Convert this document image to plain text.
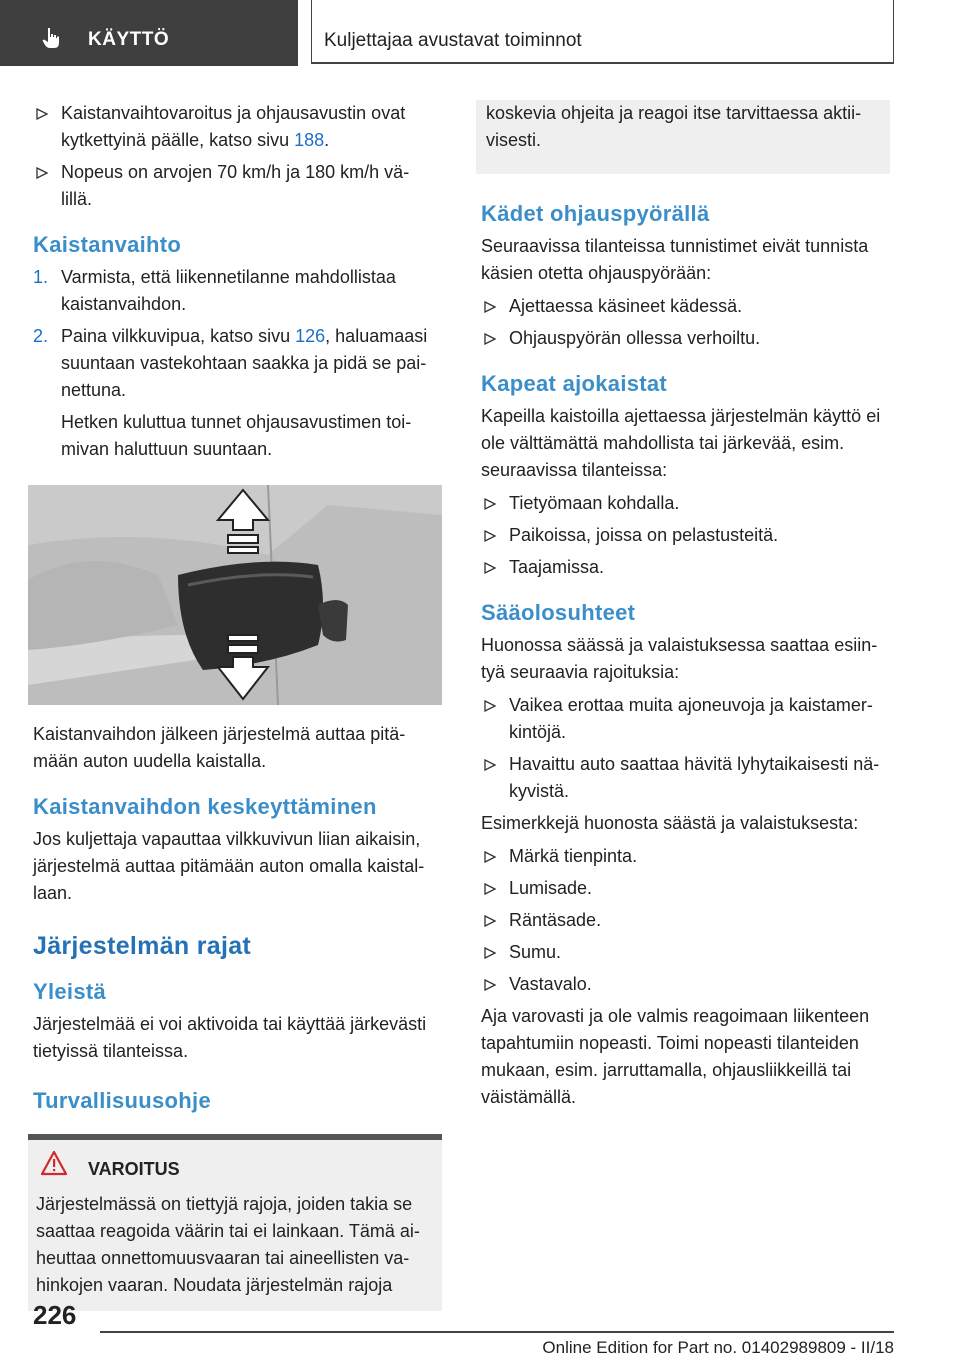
KÄYTTÖ	Kuljettajaa avustavat toiminnot
Kaistanvaihtovaroitus ja ohjausavustin ovat kytkettyinä päälle, katso sivu 188.
Nopeus on arvojen 70 km/h ja 180 km/h vä‐ lillä.
Kaistanvaihto
1. Varmista, että liikennetilanne mahdollistaa kaistanvaihdon.
2. Paina vilkkuvipua, katso sivu 126, haluamaasi suuntaan vastekohtaan saakka ja pidä se pai‐ nettuna.

Hetken kuluttua tunnet ohjausavustimen toi‐ mivan haluttuun suuntaan.

Kaistanvaihdon jälkeen järjestelmä auttaa pitä‐ mään auton uudella kaistalla.

Kaistanvaihdon keskeyttäminen

Jos kuljettaja vapauttaa vilkkuvivun liian aikaisin, järjestelmä auttaa pitämään auton omalla kaistal‐ laan.

Järjestelmän rajat
Yleistä

Järjestelmää ei voi aktivoida tai käyttää järkevästi tietyissä tilanteissa.

Turvallisuusohje
VAROITUS

Järjestelmässä on tiettyjä rajoja, joiden takia se saattaa reagoida väärin tai ei lainkaan. Tämä ai‐ heuttaa onnettomuusvaaran tai aineellisten va‐ hinkojen vaaran. Noudata järjestelmän rajoja

koskevia ohjeita ja reagoi itse tarvittaessa aktii‐ visesti.

Kädet ohjauspyörällä

Seuraavissa tilanteissa tunnistimet eivät tunnista käsien otetta ohjauspyörään:

Ajettaessa käsineet kädessä.
Ohjauspyörän ollessa verhoiltu.
Kapeat ajokaistat

Kapeilla kaistoilla ajettaessa järjestelmän käyttö ei ole välttämättä mahdollista tai järkevää, esim. seuraavissa tilanteissa:

Tietyömaan kohdalla.
Paikoissa, joissa on pelastusteitä.
Taajamissa.
Sääolosuhteet

Huonossa säässä ja valaistuksessa saattaa esiin‐ tyä seuraavia rajoituksia:

Vaikea erottaa muita ajoneuvoja ja kaistamer‐ kintöjä.
Havaittu auto saattaa hävitä lyhytaikaisesti nä‐ kyvistä.

Esimerkkejä huonosta säästä ja valaistuksesta:

Märkä tienpinta.
Lumisade.
Räntäsade.
Sumu.
Vastavalo.

Aja varovasti ja ole valmis reagoimaan liikenteen tapahtumiin nopeasti. Toimi nopeasti tilanteiden mukaan, esim. jarruttamalla, ohjausliikkeillä tai väistämällä.

226
Online Edition for Part no. 01402989809 - II/18
